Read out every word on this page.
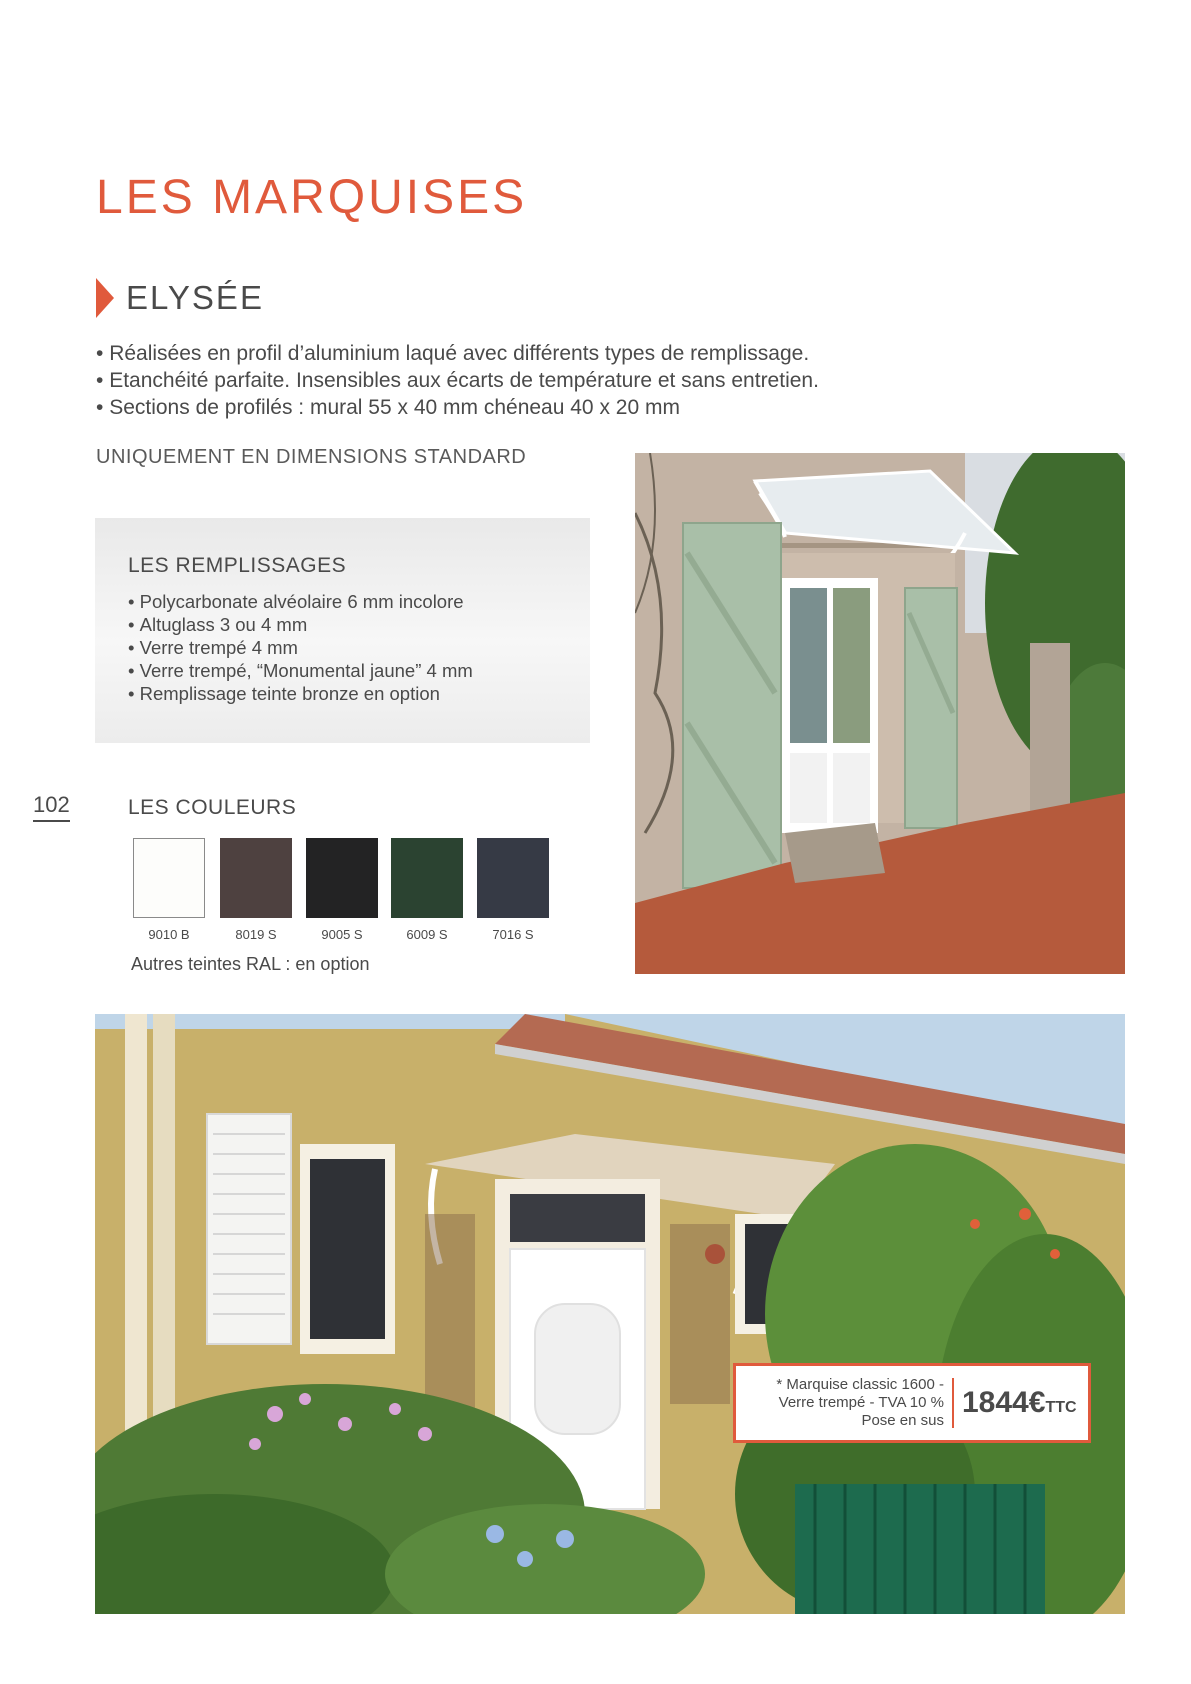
LES MARQUISES
ELYSÉE
• Réalisées en profil d’aluminium laqué avec différents types de remplissage.
• Etanchéité parfaite. Insensibles aux écarts de température et sans entretien.
• Sections de profilés : mural 55 x 40 mm chéneau 40 x 20 mm
UNIQUEMENT EN DIMENSIONS STANDARD
LES REMPLISSAGES
• Polycarbonate alvéolaire 6 mm incolore
• Altuglass 3 ou 4 mm
• Verre trempé 4 mm
• Verre trempé, “Monumental jaune” 4 mm
• Remplissage teinte bronze en option
102	LES COULEURS
9010 B	8019 S	9005 S	6009 S	7016 S
Autres teintes RAL : en option
* Marquise classic 1600 -
Verre trempé - TVA 10 %
Pose en sus
1844€TTC
